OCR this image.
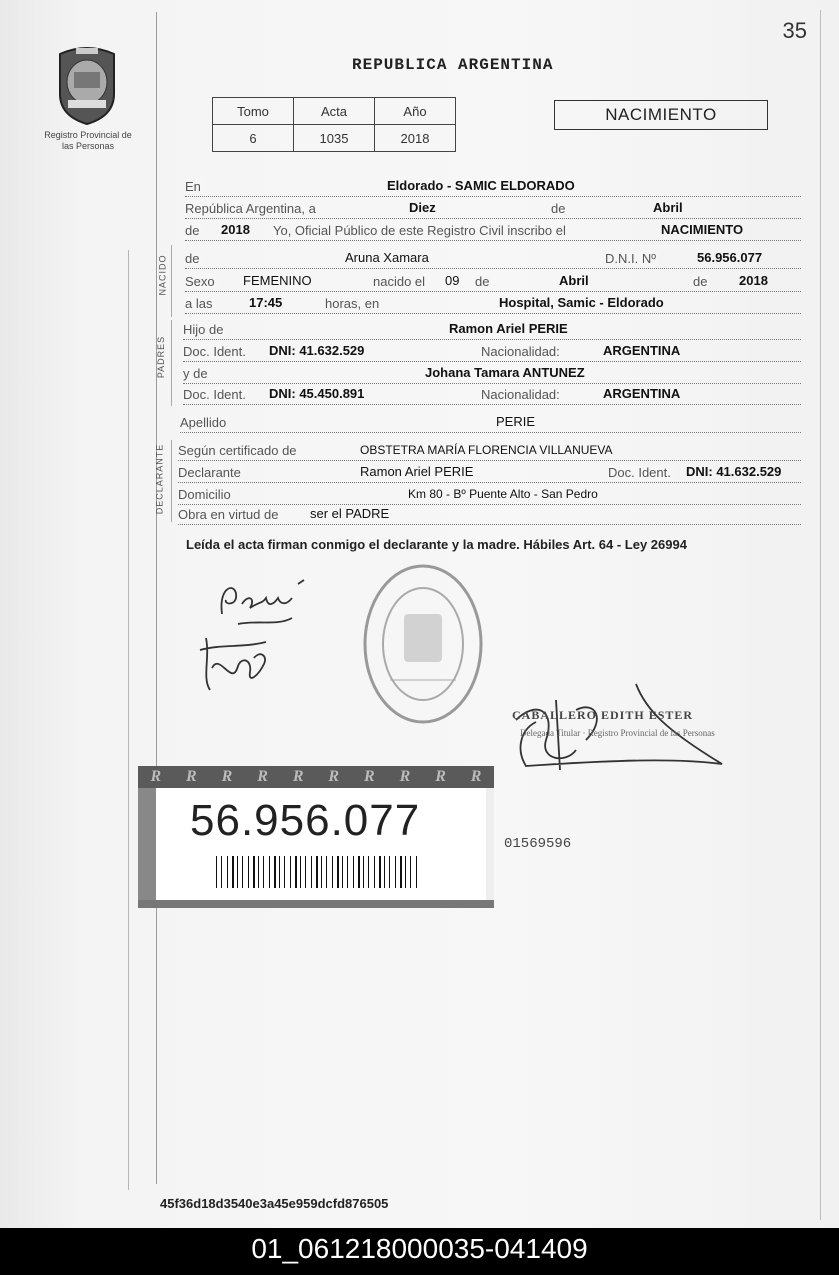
35
Registro Provincial de las Personas
REPUBLICA ARGENTINA
Tomo	Acta	Año
6	1035	2018
NACIMIENTO
En	Eldorado - SAMIC ELDORADO
República Argentina, a	Diez	de	Abril
de 2018 Yo, Oficial Público de este Registro Civil inscribo el	NACIMIENTO
NACIDO de	Aruna Xamara	D.N.I. Nº	56.956.077
Sexo FEMENINO	nacido el 09 de	Abril	de 2018
a las	17:45	horas, en	Hospital, Samic - Eldorado
PADRES
Hijo de	Ramon Ariel PERIE
Doc. Ident. DNI: 41.632.529	Nacionalidad:	ARGENTINA
y de	Johana Tamara ANTUNEZ
Doc. Ident. DNI: 45.450.891	Nacionalidad:	ARGENTINA
Apellido	PERIE
DECLARANTE Según certificado de	OBSTETRA MARÍA FLORENCIA VILLANUEVA
Declarante	Ramon Ariel PERIE	Doc. Ident. DNI: 41.632.529
Domicilio	Km 80 - Bº Puente Alto - San Pedro
Obra en virtud de ser el PADRE
Leída el acta firman conmigo el declarante y la madre. Hábiles Art. 64 - Ley 26994
CABALLERO EDITH ESTER
Delegada Titular · Registro Provincial de las Personas
R	R	R	R	R	R	R	R	R	R
56.956.077	01569596
45f36d18d3540e3a45e959dcfd876505
01_061218000035-041409
